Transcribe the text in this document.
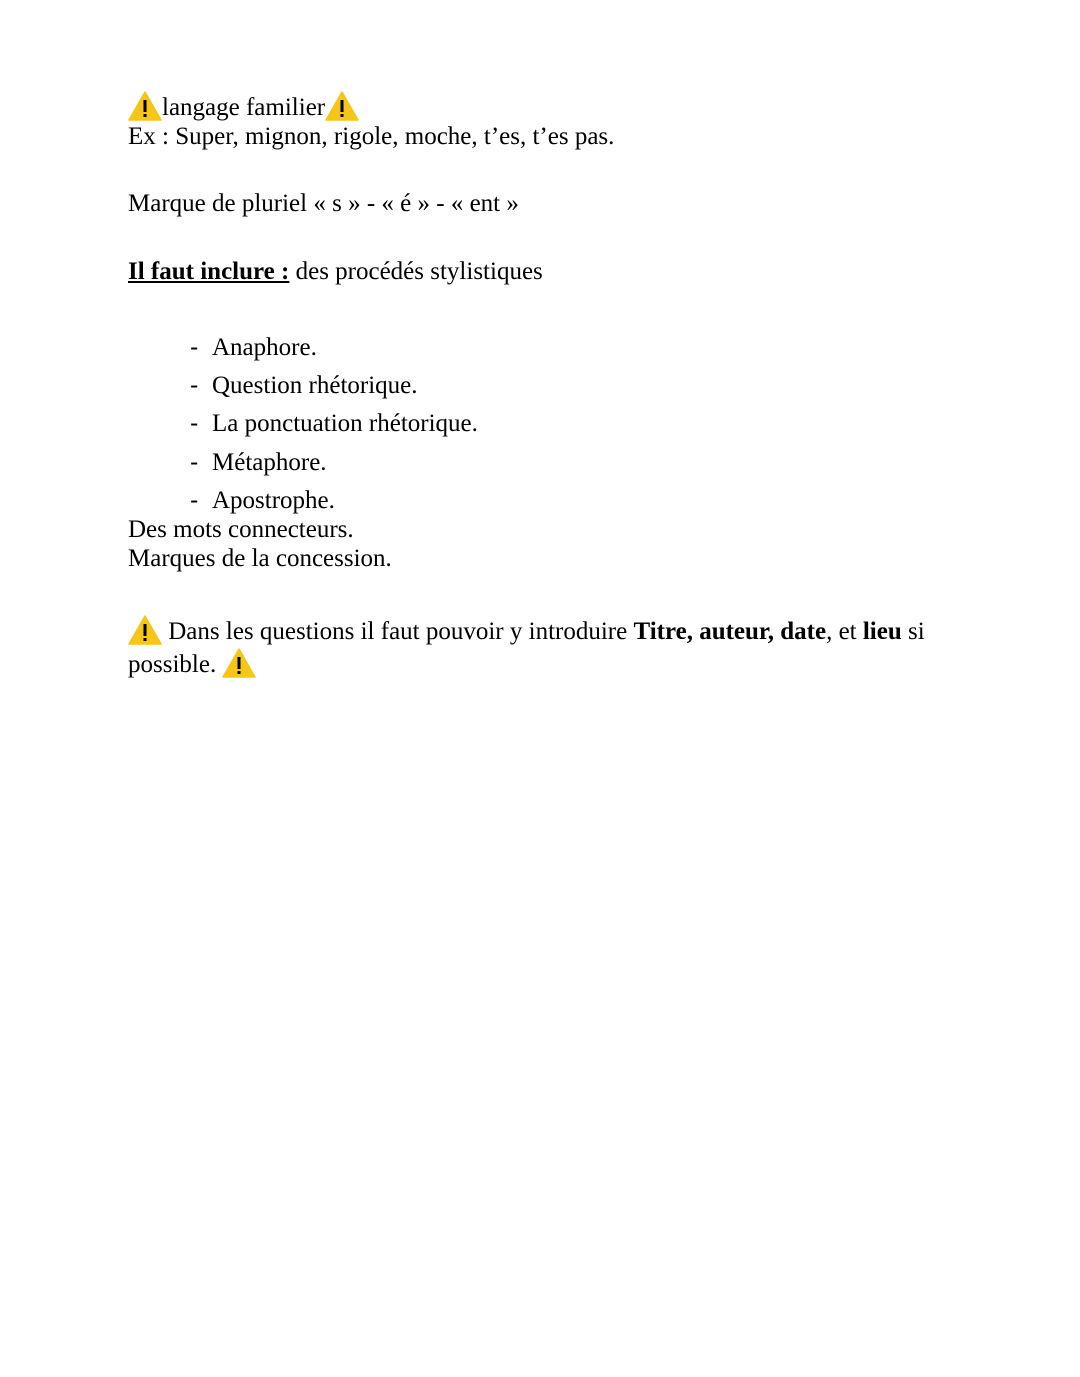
langage familier
Ex : Super, mignon, rigole, moche, t’es, t’es pas.
Marque de pluriel « s » - « é » - « ent »
Il faut inclure : des procédés stylistiques
- Anaphore.
- Question rhétorique.
- La ponctuation rhétorique.
- Métaphore.
- Apostrophe.
Des mots connecteurs.
Marques de la concession.
Dans les questions il faut pouvoir y introduire Titre, auteur, date, et lieu si
possible.
